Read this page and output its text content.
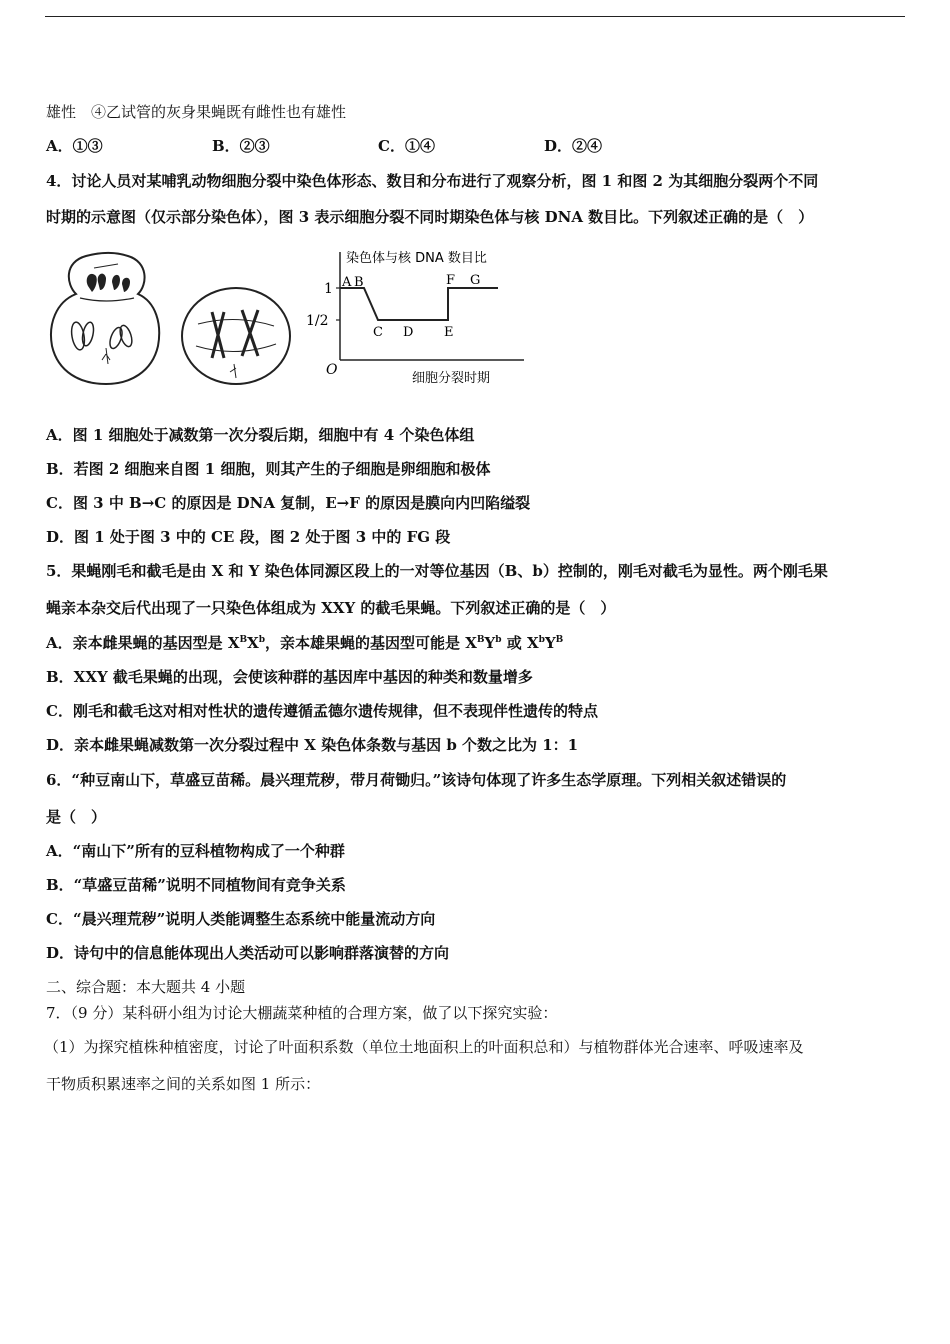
雄性　④乙试管的灰身果蝇既有雌性也有雄性
A．①③	B．②③	C．①④	D．②④
4．讨论人员对某哺乳动物细胞分裂中染色体形态、数目和分布进行了观察分析，图 1 和图 2 为其细胞分裂两个不同
时期的示意图（仅示部分染色体），图 3 表示细胞分裂不同时期染色体与核 DNA 数目比。下列叙述正确的是（　）
染色体与核 DNA 数目比
1
1/2
O
A B
C D E
F G
细胞分裂时期
A．图 1 细胞处于减数第一次分裂后期，细胞中有 4 个染色体组
B．若图 2 细胞来自图 1 细胞，则其产生的子细胞是卵细胞和极体
C．图 3 中 B→C 的原因是 DNA 复制，E→F 的原因是膜向内凹陷缢裂
D．图 1 处于图 3 中的 CE 段，图 2 处于图 3 中的 FG 段
5．果蝇刚毛和截毛是由 X 和 Y 染色体同源区段上的一对等位基因（B、b）控制的，刚毛对截毛为显性。两个刚毛果
蝇亲本杂交后代出现了一只染色体组成为 XXY 的截毛果蝇。下列叙述正确的是（　）
A．亲本雌果蝇的基因型是 $X^BX^b$，亲本雄果蝇的基因型可能是 $X^BY^b$ 或 $X^bY^B$
B．XXY 截毛果蝇的出现，会使该种群的基因库中基因的种类和数量增多
C．刚毛和截毛这对相对性状的遗传遵循孟德尔遗传规律，但不表现伴性遗传的特点
D．亲本雌果蝇减数第一次分裂过程中 X 染色体条数与基因 b 个数之比为 1：1
6．“种豆南山下，草盛豆苗稀。晨兴理荒秽，带月荷锄归。”该诗句体现了许多生态学原理。下列相关叙述错误的
是（　）
A．“南山下”所有的豆科植物构成了一个种群
B．“草盛豆苗稀”说明不同植物间有竞争关系
C．“晨兴理荒秽”说明人类能调整生态系统中能量流动方向
D．诗句中的信息能体现出人类活动可以影响群落演替的方向
二、综合题：本大题共 4 小题
7．（9 分）某科研小组为讨论大棚蔬菜种植的合理方案，做了以下探究实验：
（1）为探究植株种植密度，讨论了叶面积系数（单位土地面积上的叶面积总和）与植物群体光合速率、呼吸速率及
干物质积累速率之间的关系如图 1 所示：
